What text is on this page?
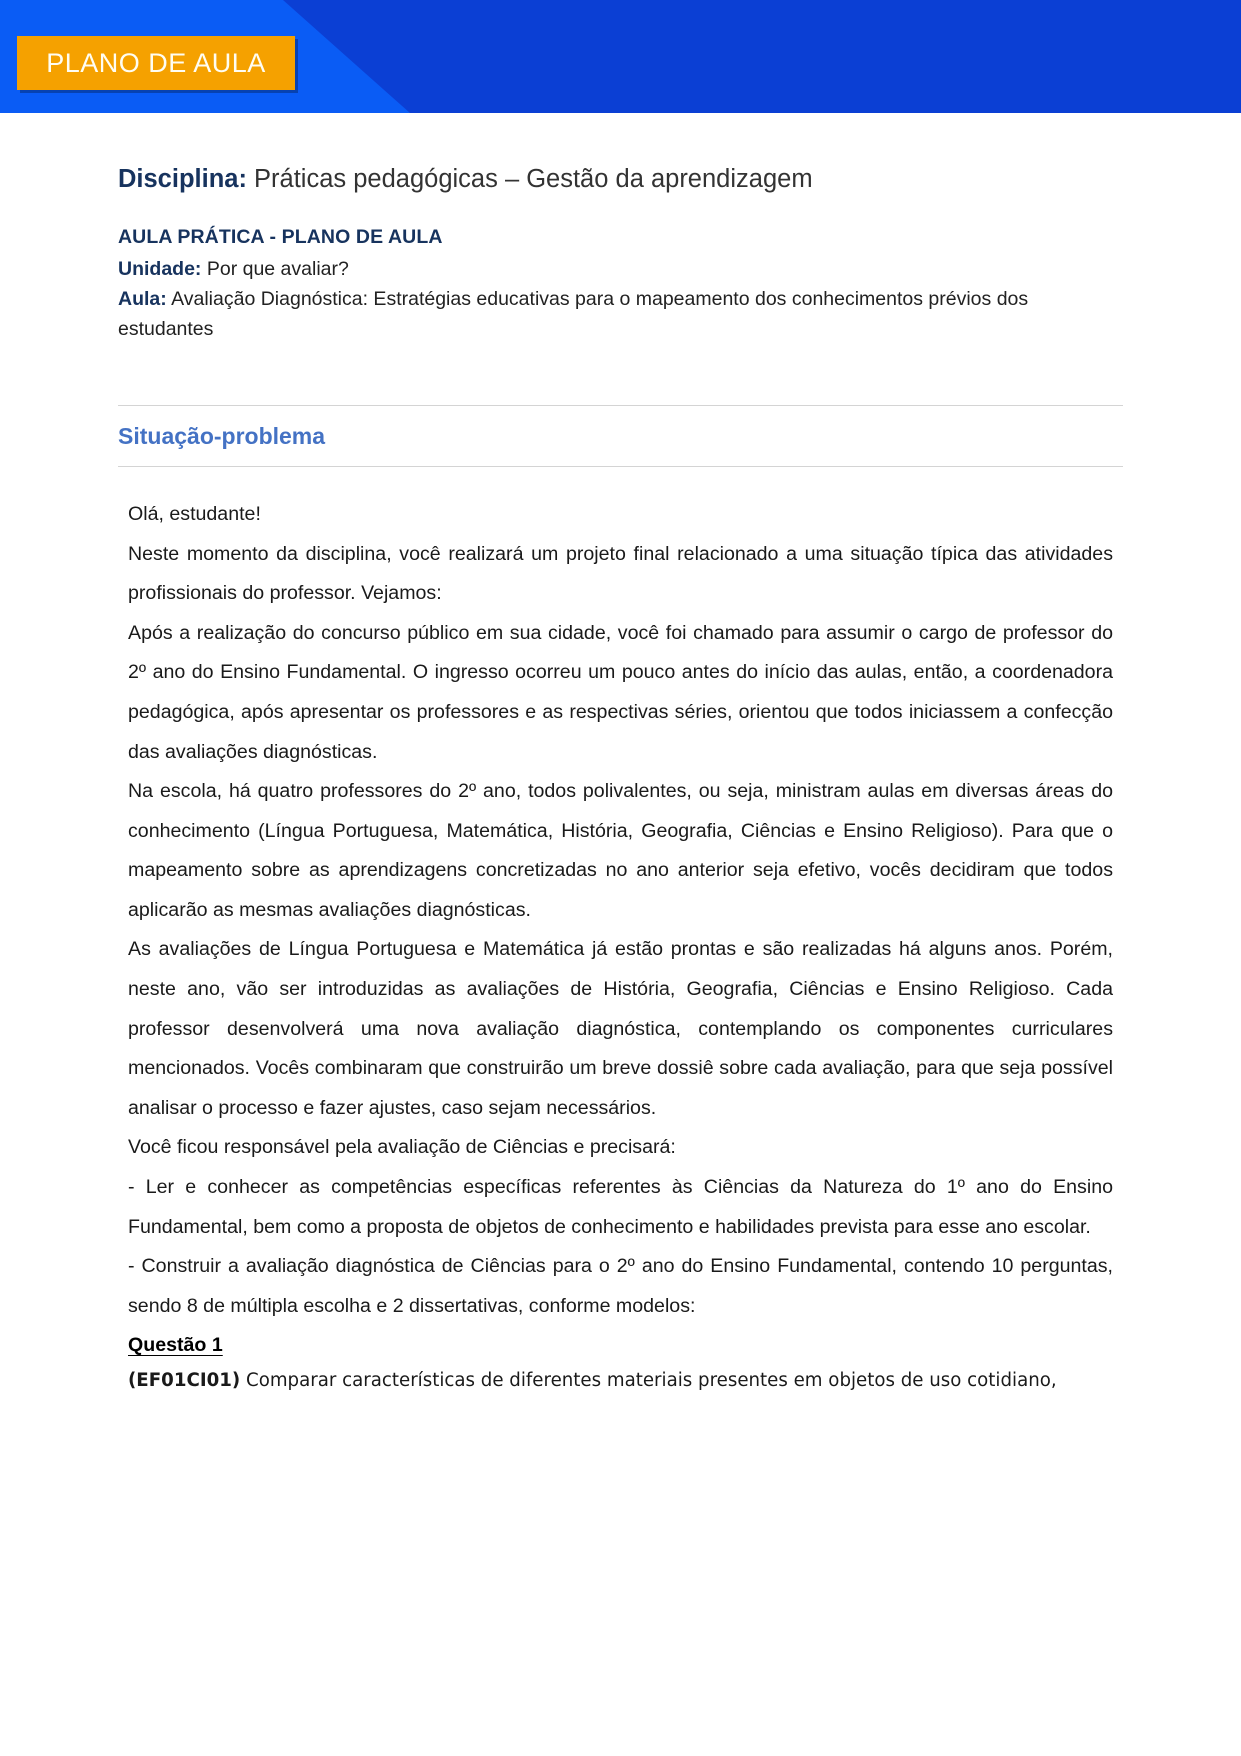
PLANO DE AULA
Disciplina: Práticas pedagógicas – Gestão da aprendizagem

AULA PRÁTICA - PLANO DE AULA

Unidade: Por que avaliar?

Aula: Avaliação Diagnóstica: Estratégias educativas para o mapeamento dos conhecimentos prévios dos estudantes

Situação-problema

Olá, estudante!

Neste momento da disciplina, você realizará um projeto final relacionado a uma situação típica das atividades profissionais do professor. Vejamos:

Após a realização do concurso público em sua cidade, você foi chamado para assumir o cargo de professor do 2º ano do Ensino Fundamental. O ingresso ocorreu um pouco antes do início das aulas, então, a coordenadora pedagógica, após apresentar os professores e as respectivas séries, orientou que todos iniciassem a confecção das avaliações diagnósticas.

Na escola, há quatro professores do 2º ano, todos polivalentes, ou seja, ministram aulas em diversas áreas do conhecimento (Língua Portuguesa, Matemática, História, Geografia, Ciências e Ensino Religioso). Para que o mapeamento sobre as aprendizagens concretizadas no ano anterior seja efetivo, vocês decidiram que todos aplicarão as mesmas avaliações diagnósticas.

As avaliações de Língua Portuguesa e Matemática já estão prontas e são realizadas há alguns anos. Porém, neste ano, vão ser introduzidas as avaliações de História, Geografia, Ciências e Ensino Religioso. Cada professor desenvolverá uma nova avaliação diagnóstica, contemplando os componentes curriculares mencionados. Vocês combinaram que construirão um breve dossiê sobre cada avaliação, para que seja possível analisar o processo e fazer ajustes, caso sejam necessários.

Você ficou responsável pela avaliação de Ciências e precisará:

- Ler e conhecer as competências específicas referentes às Ciências da Natureza do 1º ano do Ensino Fundamental, bem como a proposta de objetos de conhecimento e habilidades prevista para esse ano escolar.

- Construir a avaliação diagnóstica de Ciências para o 2º ano do Ensino Fundamental, contendo 10 perguntas, sendo 8 de múltipla escolha e 2 dissertativas, conforme modelos:

Questão 1

(EF01CI01) Comparar características de diferentes materiais presentes em objetos de uso cotidiano,
